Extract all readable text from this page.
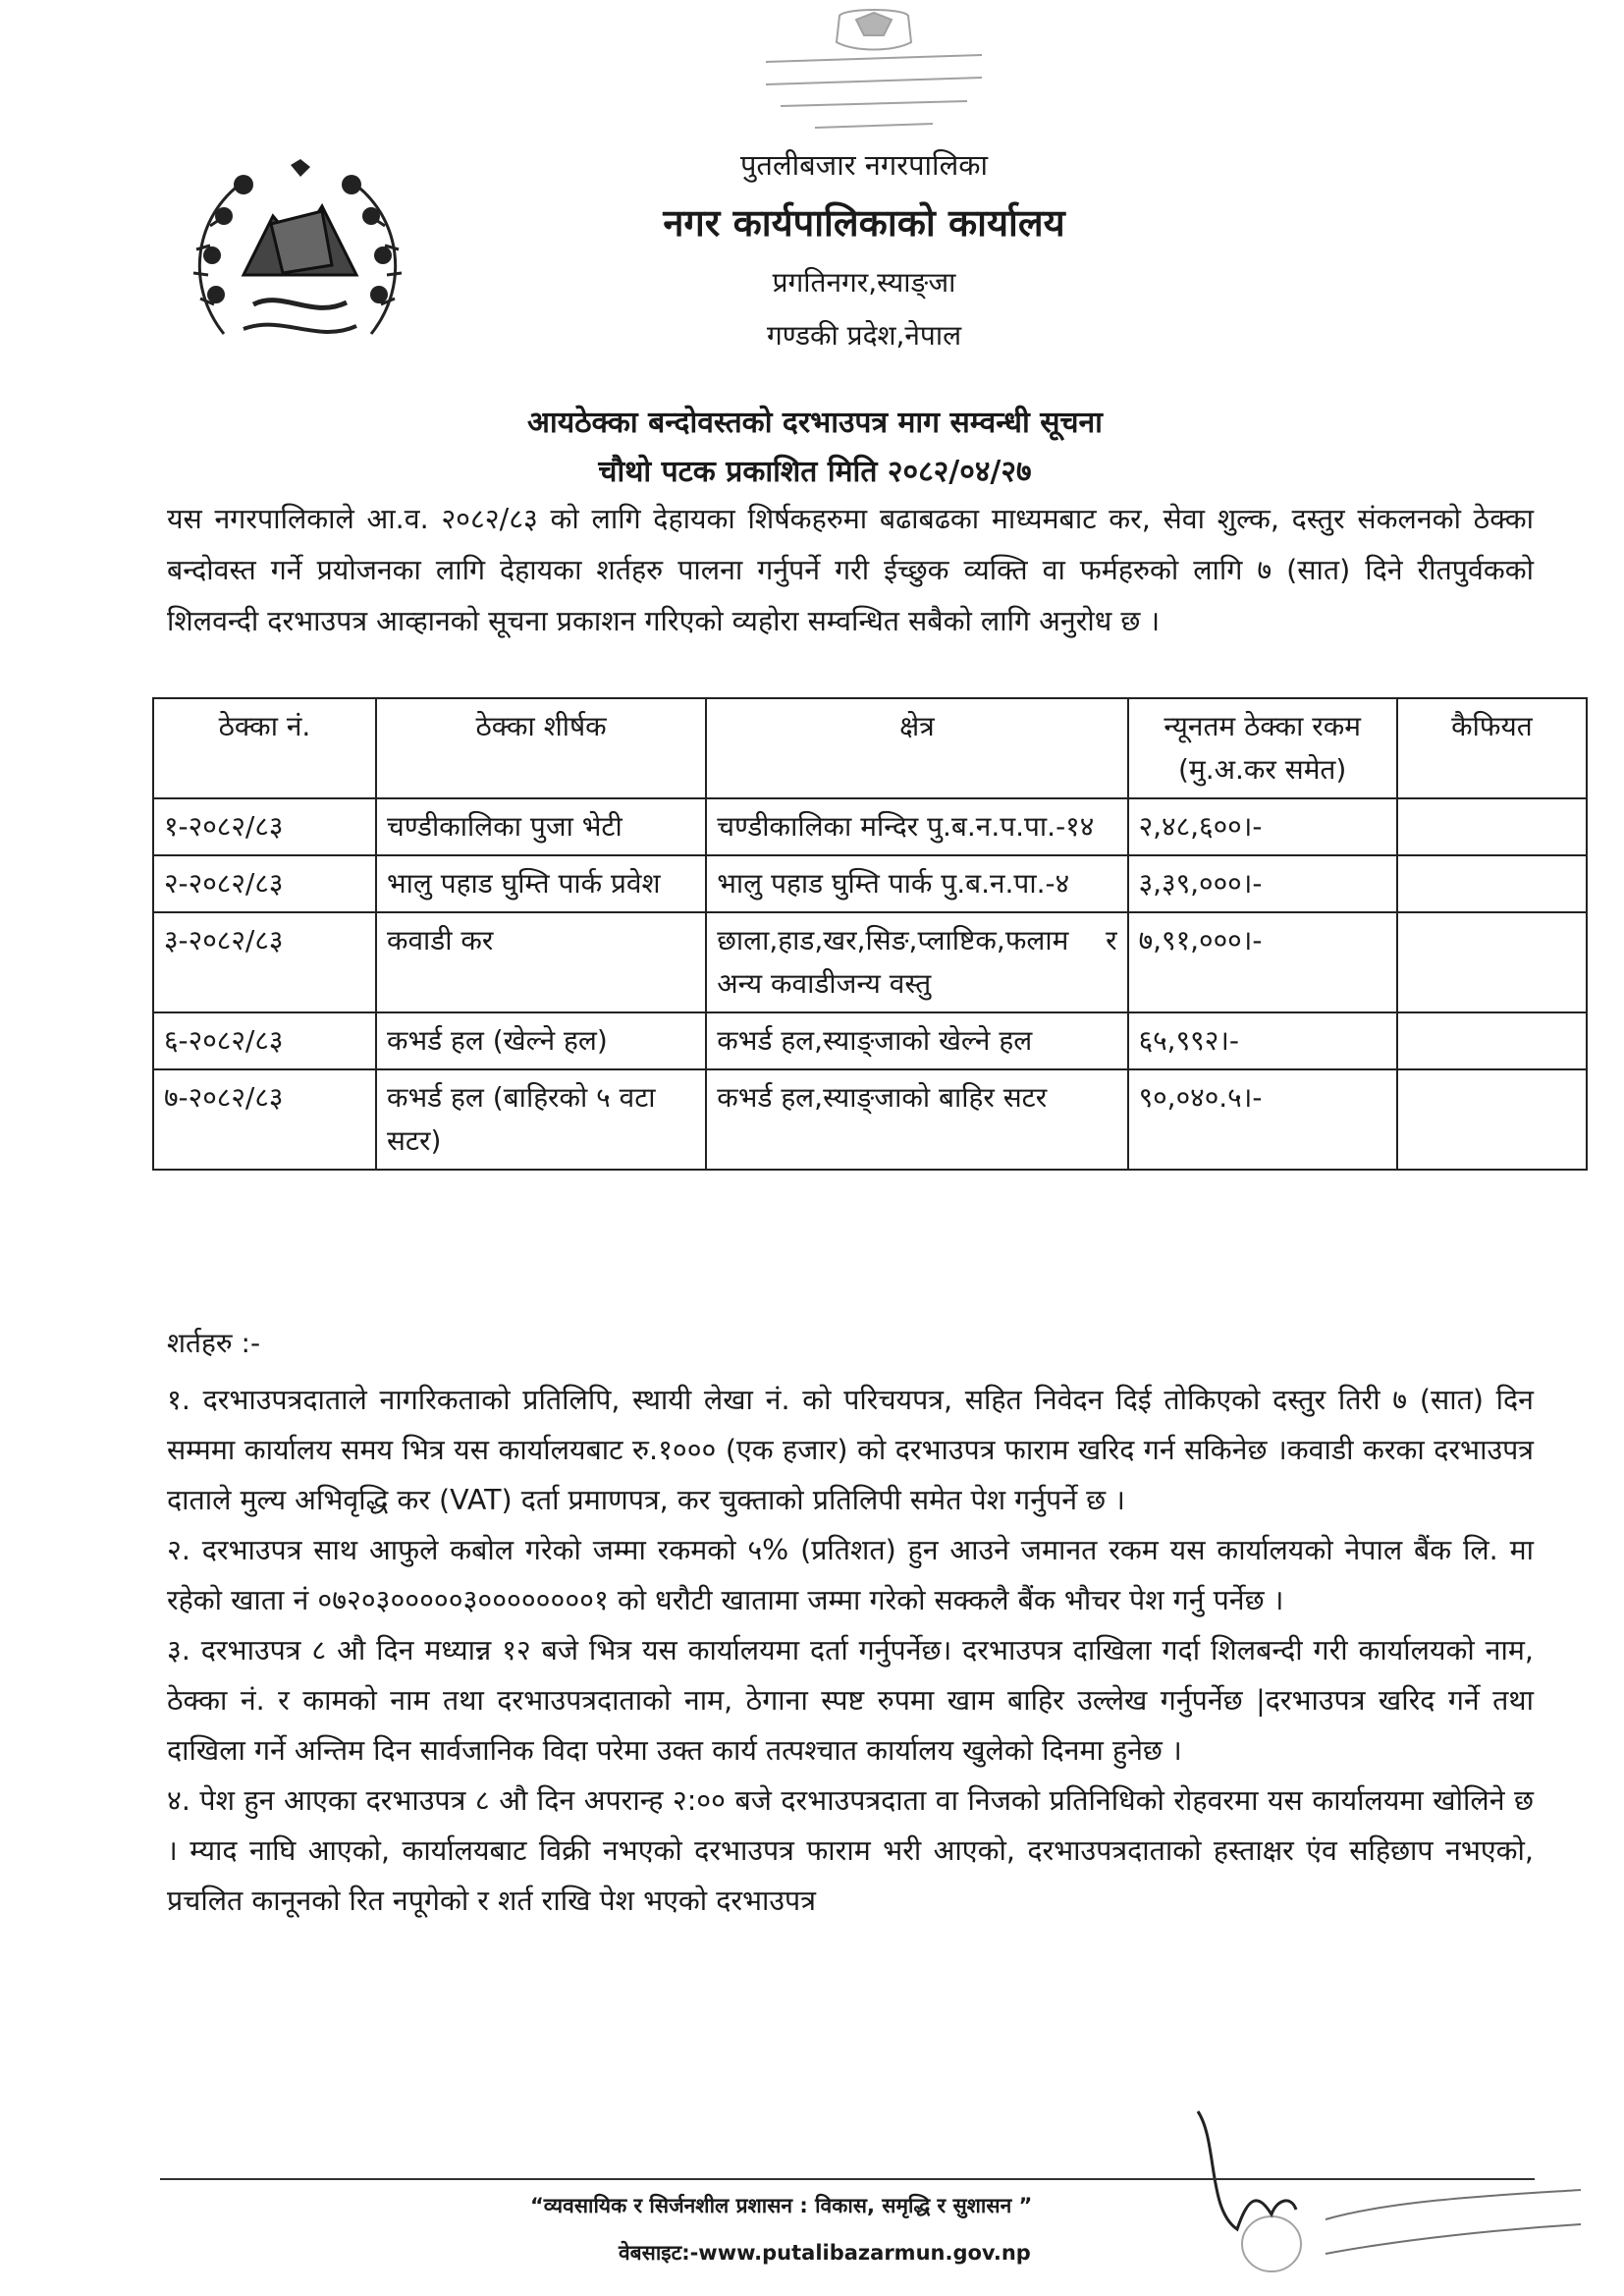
पुतलीबजार नगरपालिका
नगर कार्यपालिकाको कार्यालय
प्रगतिनगर,स्याङ्जा
गण्डकी प्रदेश,नेपाल
आयठेक्का बन्दोवस्तको दरभाउपत्र माग सम्वन्धी सूचना
चौथो पटक प्रकाशित मिति २०८२/०४/२७
यस नगरपालिकाले आ.व. २०८२/८३ को लागि देहायका शिर्षकहरुमा बढाबढका माध्यमबाट कर, सेवा शुल्क, दस्तुर संकलनको ठेक्का बन्दोवस्त गर्ने प्रयोजनका लागि देहायका शर्तहरु पालना गर्नुपर्ने गरी ईच्छुक व्यक्ति वा फर्महरुको लागि ७ (सात) दिने रीतपुर्वकको शिलवन्दी दरभाउपत्र आव्हानको सूचना प्रकाशन गरिएको व्यहोरा सम्वन्धित सबैको लागि अनुरोध छ ।
ठेक्का नं.	ठेक्का शीर्षक	क्षेत्र	न्यूनतम ठेक्का रकम (मु.अ.कर समेत)	कैफियत
१-२०८२/८३	चण्डीकालिका पुजा भेटी	चण्डीकालिका मन्दिर पु.ब.न.प.पा.-१४	२,४८,६००।-	
२-२०८२/८३	भालु पहाड घुम्ति पार्क प्रवेश	भालु पहाड घुम्ति पार्क पु.ब.न.पा.-४	३,३९,०००।-	
३-२०८२/८३	कवाडी कर	छाला,हाड,खर,सिङ,प्लाष्टिक,फलाम र अन्य कवाडीजन्य वस्तु	७,९१,०००।-	
६-२०८२/८३	कभर्ड हल (खेल्ने हल)	कभर्ड हल,स्याङ्जाको खेल्ने हल	६५,९९२।-	
७-२०८२/८३	कभर्ड हल (बाहिरको ५ वटा सटर)	कभर्ड हल,स्याङ्जाको बाहिर सटर	९०,०४०.५।-	
शर्तहरु :-

१. दरभाउपत्रदाताले नागरिकताको प्रतिलिपि, स्थायी लेखा नं. को परिचयपत्र, सहित निवेदन दिई तोकिएको दस्तुर तिरी ७ (सात) दिन सम्ममा कार्यालय समय भित्र यस कार्यालयबाट रु.१००० (एक हजार) को दरभाउपत्र फाराम खरिद गर्न सकिनेछ ।कवाडी करका दरभाउपत्र दाताले मुल्य अभिवृद्धि कर (VAT) दर्ता प्रमाणपत्र, कर चुक्ताको प्रतिलिपी समेत पेश गर्नुपर्ने छ ।

२. दरभाउपत्र साथ आफुले कबोल गरेको जम्मा रकमको ५% (प्रतिशत) हुन आउने जमानत रकम यस कार्यालयको नेपाल बैंक लि. मा रहेको खाता नं ०७२०३०००००३००००००००१ को धरौटी खातामा जम्मा गरेको सक्कलै बैंक भौचर पेश गर्नु पर्नेछ ।

३. दरभाउपत्र ८ औ दिन मध्यान्न १२ बजे भित्र यस कार्यालयमा दर्ता गर्नुपर्नेछ। दरभाउपत्र दाखिला गर्दा शिलबन्दी गरी कार्यालयको नाम, ठेक्का नं. र कामको नाम तथा दरभाउपत्रदाताको नाम, ठेगाना स्पष्ट रुपमा खाम बाहिर उल्लेख गर्नुपर्नेछ |दरभाउपत्र खरिद गर्ने तथा दाखिला गर्ने अन्तिम दिन सार्वजानिक विदा परेमा उक्त कार्य तत्पश्चात कार्यालय खुलेको दिनमा हुनेछ ।

४. पेश हुन आएका दरभाउपत्र ८ औ दिन अपरान्ह २:०० बजे दरभाउपत्रदाता वा निजको प्रतिनिधिको रोहवरमा यस कार्यालयमा खोलिने छ । म्याद नाघि आएको, कार्यालयबाट विक्री नभएको दरभाउपत्र फाराम भरी आएको, दरभाउपत्रदाताको हस्ताक्षर एंव सहिछाप नभएको, प्रचलित कानूनको रित नपूगेको र शर्त राखि पेश भएको दरभाउपत्र

“व्यवसायिक र सिर्जनशील प्रशासन : विकास, समृद्धि र सुशासन ”
वेबसाइट:-www.putalibazarmun.gov.np
